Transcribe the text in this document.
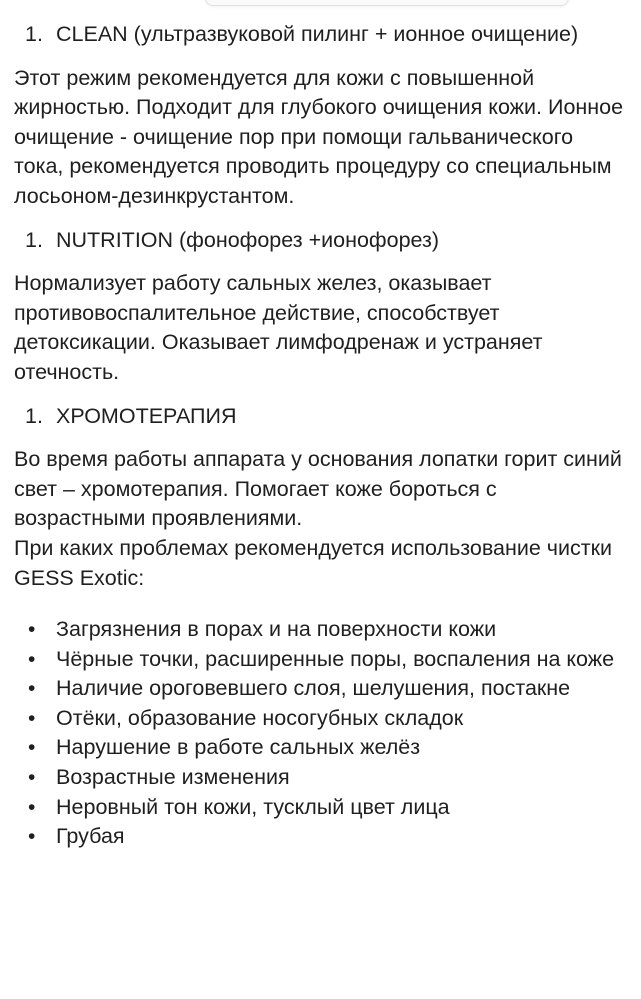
1. CLEAN (ультразвуковой пилинг + ионное очищение)

Этот режим рекомендуется для кожи с повышенной жирностью. Подходит для глубокого очищения кожи. Ионное очищение - очищение пор при помощи гальванического тока, рекомендуется проводить процедуру со специальным лосьоном-дезинкрустантом.

1. NUTRITION (фонофорез +ионофорез)

Нормализует работу сальных желез, оказывает противовоспалительное действие, способствует детоксикации. Оказывает лимфодренаж и устраняет отечность.

1. ХРОМОТЕРАПИЯ

Во время работы аппарата у основания лопатки горит синий свет – хромотерапия. Помогает коже бороться с возрастными проявлениями.

При каких проблемах рекомендуется использование чистки GESS Exotic:

• Загрязнения в порах и на поверхности кожи
• Чёрные точки, расширенные поры, воспаления на коже
• Наличие ороговевшего слоя, шелушения, постакне
• Отёки, образование носогубных складок
• Нарушение в работе сальных желёз
• Возрастные изменения
• Неровный тон кожи, тусклый цвет лица
• Грубая
